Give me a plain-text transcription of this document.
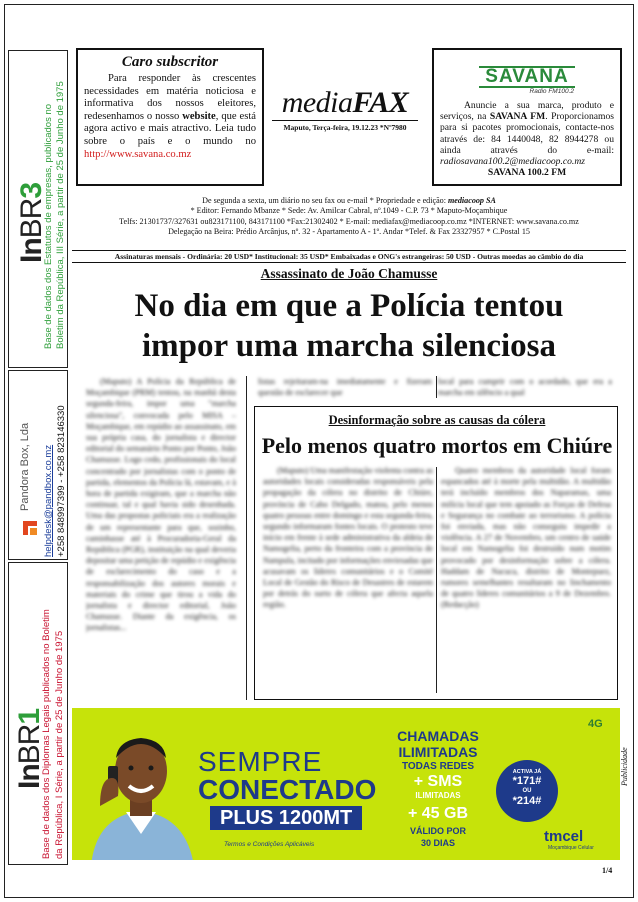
InBR3
Base de dados dos Estatutos de empresas, publicados no Boletim da República, III Série, a partir de 25 de Junho de 1975
Pandora Box, Lda helpdesk@pandbox.co.mz +258 848997399 - +258 823146330
InBR1
Base de dados dos Diplomas Legais publicados no Boletim da República, I Série, a partir de 25 de Junho de 1975
Caro subscritor
Para responder às crescentes necessidades em matéria noticiosa e informativa dos nossos eleitores, redesenhamos o nosso website, que está agora activo e mais atractivo. Leia tudo sobre o país e o mundo no http://www.savana.co.mz
mediaFAX
Maputo, Terça-feira, 19.12.23 *Nº7980
SAVANA
Radio FM100.2
Anuncie a sua marca, produto e serviços, na SAVANA FM. Proporcionamos para si pacotes promocionais, contacte-nos através de: 84 1440048, 82 8944278 ou ainda através do e-mail: radiosavana100.2@mediacoop.co.mz
SAVANA 100.2 FM
De segunda a sexta, um diário no seu fax ou e-mail * Propriedade e edição: mediacoop SA
* Editor: Fernando Mbanze * Sede: Av. Amilcar Cabral, nº.1049 - C.P. 73 * Maputo-Moçambique
Telfs: 21301737/327631 ou823171100, 843171100 *Fax:21302402 * E-mail: mediafax@mediacoop.co.mz *INTERNET: www.savana.co.mz
Delegação na Beira: Prédio Arcânjus, nº. 32 - Apartamento A - 1º. Andar *Telef. & Fax 23327957 * C.Postal 15
Assinaturas mensais - Ordinária: 20 USD* Institucional: 35 USD* Embaixadas e ONG's estrangeiras: 50 USD - Outras moedas ao câmbio do dia
Assassinato de João Chamusse
No dia em que a Polícia tentou
impor uma marcha silenciosa
(Maputo) A Polícia da República de Moçambique (PRM) tentou, na manhã desta segunda-feira, impor uma "marcha silenciosa", convocada pelo MISA – Moçambique, em repúdio ao assassinato, em sua própria casa, do jornalista e director editorial do semanário Ponto por Ponto, João Chamusse. Logo cedo, profissionais do local concentrado por jornalistas com o ponto de partida, elementos da Polícia lá, estavam, e à hora de partida exigiram, que a marcha não continuar, tal e qual havia sido desenhada. Uma das propostas policiais era a realização de um representante para que, sozinho, caminhasse até à Procuradoria-Geral da República (PGR), instituição na qual deveria depositar uma petição de repúdio e exigência de esclarecimento do caso e a responsabilização dos autores morais e materiais do crime que tirou a vida do jornalista e director editorial, João Chamusse. Diante da exigência, os jornalistas...
listas rejeitaram-na imediatamente e fizeram questão de esclarecer que
local para cumprir com o acordado, que era a marcha em silêncio a qual
Desinformação sobre as causas da cólera
Pelo menos quatro mortos em Chiúre
(Maputo) Uma manifestação violenta contra as autoridades locais consideradas responsáveis pela propagação da cólera no distrito de Chiúre, província de Cabo Delgado, matou, pelo menos quatro pessoas entre domingo e esta segunda-feira, segundo informaram fontes locais. O protesto teve início em frente à sede administrativa da aldeia de Namogelia, perto da fronteira com a província de Nampula, incitado por informações enviesadas que acusavam os líderes comunitários e o Comité Local de Gestão do Risco de Desastres de estarem por detrás do surto de cólera que afecta aquela região.
Quatro membros da autoridade local foram espancados até à morte pela multidão. A multidão terá incluído membros dos Naparamas, uma milícia local que tem apoiado as Forças de Defesa e Segurança no combate ao terrorismo. A polícia foi enviada, mas não conseguiu impedir a violência. A 27 de Novembro, um centro de saúde local em Namogelia foi destruído num motim provocado por desinformação sobre a cólera. Haddam de Nacuca, distrito de Montepuez, rumores semelhantes resultaram no linchamento de quatro líderes comunitários a 9 de Dezembro. (Redacção)
SEMPRE
CONECTADO
PLUS 1200MT
Termos e Condições Aplicáveis
CHAMADAS
ILIMITADAS
TODAS REDES
+ SMS
ILIMITADAS
+ 45 GB
VÁLIDO POR
30 DIAS
ACTIVA JÁ
*171#
OU
*214#
4G
tmcel
Moçambique Celular
Publicidade
1/4
